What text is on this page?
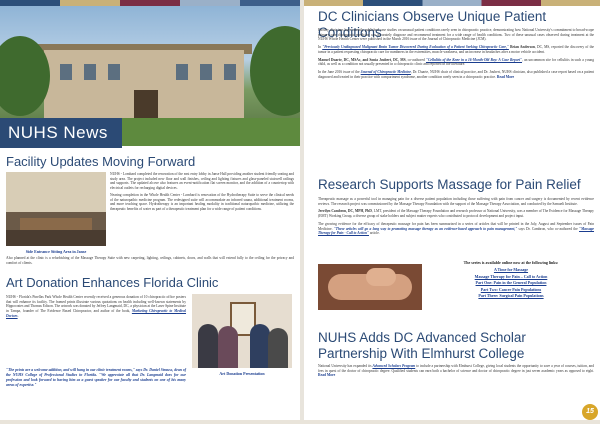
NUHS News
Facility Updates Moving Forward
Side Entrance Sitting Area in Janse

NUHS - Lombard completed the renovation of the east entry lobby in Janse Hall providing another student friendly seating and study area. The project included new floor and wall finishes, ceiling and lighting fixtures and glass-paneled stairwell railings and supports. The updated alcove also features an event-notification flat screen monitor, and the addition of a countertop with electrical outlets for recharging digital devices.

Nearing completion in the Whole Health Center - Lombard is renovation of the Hydrotherapy Suite to serve the clinical needs of the naturopathic medicine program. The redesigned suite will accommodate an infrared sauna, additional treatment rooms, and more teaching space. Hydrotherapy is an important healing modality in traditional naturopathic medicine, utilizing the therapeutic benefits of water as part of a therapeutic treatment plan for a wide range of patient conditions.

Also planned at the clinic is a refurbishing of the Massage Therapy Suite with new carpeting, lighting, ceilings, cabinets, doors, and walls that will extend fully to the ceiling for the privacy and comfort of clients.

Art Donation Enhances Florida Clinic

NUHS - Florida's Pinellas Park Whole Health Center recently received a generous donation of 10 chiropractic office posters that will enhance its facility. The framed prints illustrate various quotations on health including well-known statements by Hippocrates and Thomas Edison. The artwork was donated by Jeffrey Langmaid, DC, a physician at the Laser Spine Institute in Tampa, founder of The Evidence Based Chiropractor, and author of the book, Marketing Chiropractic to Medical Doctors.

"The prints are a welcome addition, and will hang in our clinic treatment rooms," says Dr. Daniel Strauss, dean of the NUHS College of Professional Studies in Florida. "We appreciate all that Dr. Langmaid does for our profession and look forward to having him as a guest speaker for our faculty and students on one of his many areas of expertise."

Art Donation Presentation
DC Clinicians Observe Unique Patient Conditions

Faculty clinicians have recently published case studies on unusual patient conditions rarely seen in chiropractic practice, demonstrating how National University's commitment to broad-scope primary care chiropractic medicine can accurately diagnose and recommend treatment for a wide range of health conditions. Two of these unusual cases observed during treatment at the NUHS Whole Health Center were published in the March 2016 issue of the Journal of Chiropractic Medicine (JCM).

In "Previously Undiagnosed Malignant Brain Tumor Discovered During Evaluation of a Patient Seeking Chiropractic Care," Brian Anderson, DC, MS, reported the discovery of the tumor in a patient requesting chiropractic care for numbness in the extremities, muscle weakness, and an increase in headaches after a motor vehicle accident.

Manuel Duarte, DC, MSAc, and Sonia Joubert, DC, MS, co-authored "Cellulitis of the Knee in a 16-Month-Old Boy: A Case Report", an uncommon site for cellulitis in such a young child, as well as a condition not usually presented in a chiropractic clinic and reported in the literature.

In the June 2016 issue of the Journal of Chiropractic Medicine, Dr. Duarte, NUHS chair of clinical practice, and Dr. Joubert, NUHS clinician, also published a case report based on a patient diagnosed and treated in their practice with compartment syndrome, another condition rarely seen in a chiropractic practice. Read More

Research Supports Massage for Pain Relief

Therapeutic massage as a powerful tool in managing pain for a diverse patient population including those suffering with pain from cancer and surgery is documented by recent evidence reviews. The research project was commissioned by the Massage Therapy Foundation with the support of the Massage Therapy Association, and conducted by the Samueli Institute.

Jerrilyn Cambron, DC, MPH, PhD, LMT, president of the Massage Therapy Foundation and research professor at National University, was a member of The Evidence for Massage Therapy (EMT) Working Group, a diverse group of stake holders and subject matter experts who contributed to protocol development and project input.

The growing evidence for the efficacy of therapeutic massage for pain has been summarized in a series of articles that will be printed in the July, August and September issues of Pain Medicine. "These articles will go a long way to promoting massage therapy as an evidence-based approach to pain management," says Dr. Cambron, who co-authored the "Massage Therapy for Pain - Call to Action" article.

The series is available online now at the following links:
A Time for Massage
Massage Therapy for Pain – Call to Action
Part One: Pain in the General Population
Part Two: Cancer Pain Populations
Part Three: Surgical Pain Populations
NUHS Adds DC Advanced Scholar Partnership With Elmhurst College

National University has expanded its Advanced Scholars Program to include a partnership with Elmhurst College, giving local students the opportunity to save a year of courses, tuition, and fees in quest of the doctor of chiropractic degree. Qualified students can earn both a bachelor of science and doctor of chiropractic degree in just seven academic years as opposed to eight. Read More

15
